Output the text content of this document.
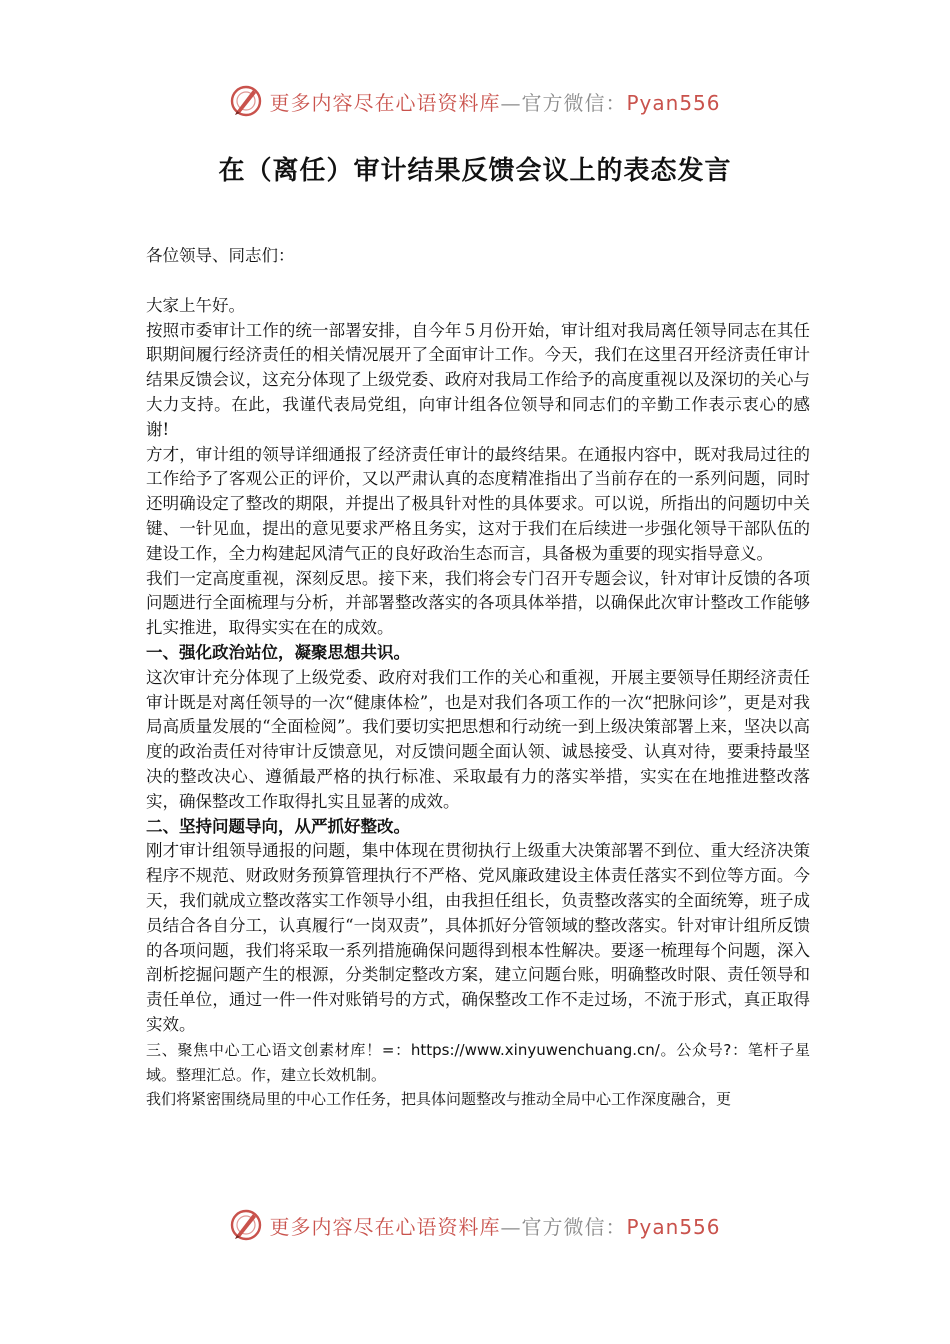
更多内容尽在心语资料库—官方微信：Pyan556
在（离任）审计结果反馈会议上的表态发言

各位领导、同志们：

大家上午好。

按照市委审计工作的统一部署安排，自今年５月份开始，审计组对我局离任领导同志在其任职期间履行经济责任的相关情况展开了全面审计工作。今天，我们在这里召开经济责任审计结果反馈会议，这充分体现了上级党委、政府对我局工作给予的高度重视以及深切的关心与大力支持。在此，我谨代表局党组，向审计组各位领导和同志们的辛勤工作表示衷心的感谢!

方才，审计组的领导详细通报了经济责任审计的最终结果。在通报内容中，既对我局过往的工作给予了客观公正的评价，又以严肃认真的态度精准指出了当前存在的一系列问题，同时还明确设定了整改的期限，并提出了极具针对性的具体要求。可以说，所指出的问题切中关键、一针见血，提出的意见要求严格且务实，这对于我们在后续进一步强化领导干部队伍的建设工作，全力构建起风清气正的良好政治生态而言，具备极为重要的现实指导意义。

我们一定高度重视，深刻反思。接下来，我们将会专门召开专题会议，针对审计反馈的各项问题进行全面梳理与分析，并部署整改落实的各项具体举措，以确保此次审计整改工作能够扎实推进，取得实实在在的成效。

一、强化政治站位，凝聚思想共识。

这次审计充分体现了上级党委、政府对我们工作的关心和重视，开展主要领导任期经济责任审计既是对离任领导的一次“健康体检”，也是对我们各项工作的一次“把脉问诊”，更是对我局高质量发展的“全面检阅”。我们要切实把思想和行动统一到上级决策部署上来，坚决以高度的政治责任对待审计反馈意见，对反馈问题全面认领、诚恳接受、认真对待，要秉持最坚决的整改决心、遵循最严格的执行标准、采取最有力的落实举措，实实在在地推进整改落实，确保整改工作取得扎实且显著的成效。

二、坚持问题导向，从严抓好整改。

刚才审计组领导通报的问题，集中体现在贯彻执行上级重大决策部署不到位、重大经济决策程序不规范、财政财务预算管理执行不严格、党风廉政建设主体责任落实不到位等方面。今天，我们就成立整改落实工作领导小组，由我担任组长，负责整改落实的全面统筹，班子成员结合各自分工，认真履行“一岗双责”，具体抓好分管领域的整改落实。针对审计组所反馈的各项问题，我们将采取一系列措施确保问题得到根本性解决。要逐一梳理每个问题，深入剖析挖掘问题产生的根源，分类制定整改方案，建立问题台账，明确整改时限、责任领导和责任单位，通过一件一件对账销号的方式，确保整改工作不走过场，不流于形式，真正取得实效。

三、聚焦中心工心语文创素材库！=：https://www.xinyuwenchuang.cn/。公众号?：笔杆子星域。整理汇总。作，建立长效机制。

我们将紧密围绕局里的中心工作任务，把具体问题整改与推动全局中心工作深度融合，更

更多内容尽在心语资料库—官方微信：Pyan556
